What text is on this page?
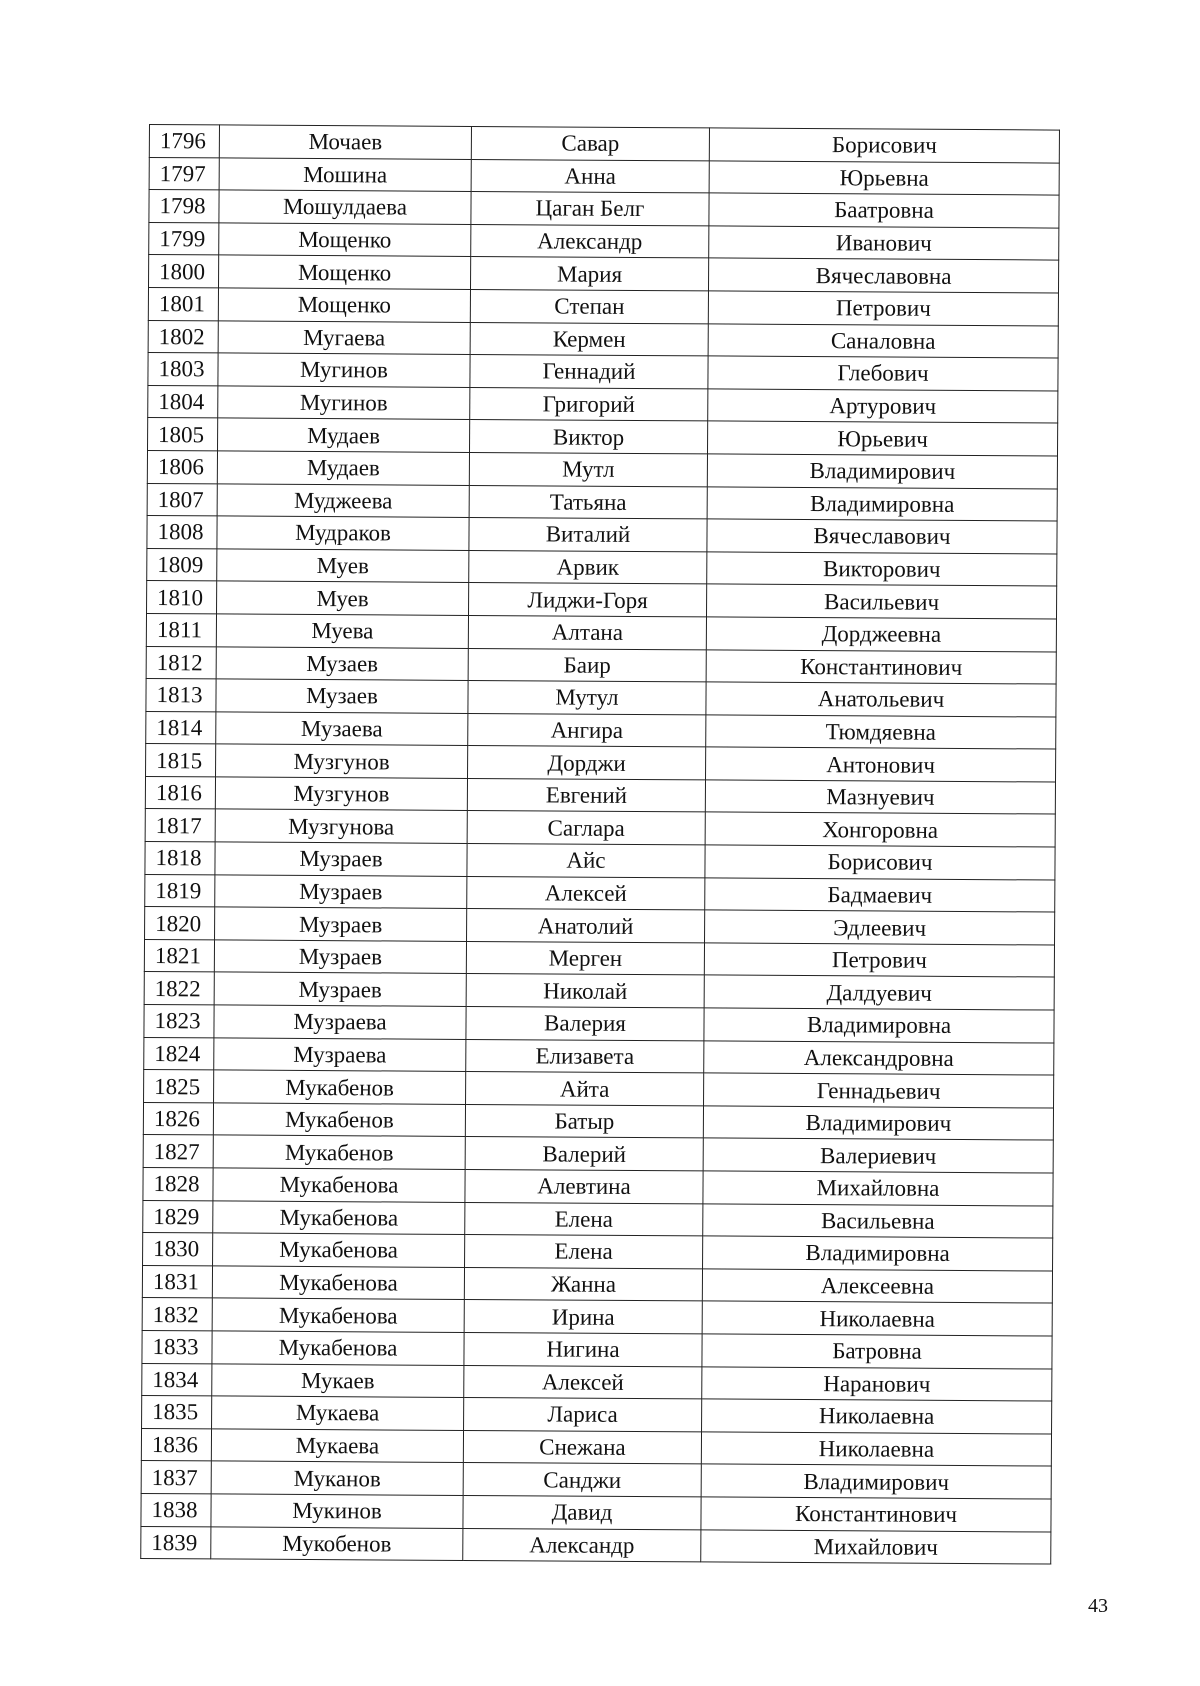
1796	Мочаев	Савар	Борисович
1797	Мошина	Анна	Юрьевна
1798	Мошулдаева	Цаган Белг	Баатровна
1799	Мощенко	Александр	Иванович
1800	Мощенко	Мария	Вячеславовна
1801	Мощенко	Степан	Петрович
1802	Мугаева	Кермен	Саналовна
1803	Мугинов	Геннадий	Глебович
1804	Мугинов	Григорий	Артурович
1805	Мудаев	Виктор	Юрьевич
1806	Мудаев	Мутл	Владимирович
1807	Муджеева	Татьяна	Владимировна
1808	Мудраков	Виталий	Вячеславович
1809	Муев	Арвик	Викторович
1810	Муев	Лиджи-Горя	Васильевич
1811	Муева	Алтана	Дорджеевна
1812	Музаев	Баир	Константинович
1813	Музаев	Мутул	Анатольевич
1814	Музаева	Ангира	Тюмдяевна
1815	Музгунов	Дорджи	Антонович
1816	Музгунов	Евгений	Мазнуевич
1817	Музгунова	Саглара	Хонгоровна
1818	Музраев	Айс	Борисович
1819	Музраев	Алексей	Бадмаевич
1820	Музраев	Анатолий	Эдлеевич
1821	Музраев	Мерген	Петрович
1822	Музраев	Николай	Далдуевич
1823	Музраева	Валерия	Владимировна
1824	Музраева	Елизавета	Александровна
1825	Мукабенов	Айта	Геннадьевич
1826	Мукабенов	Батыр	Владимирович
1827	Мукабенов	Валерий	Валериевич
1828	Мукабенова	Алевтина	Михайловна
1829	Мукабенова	Елена	Васильевна
1830	Мукабенова	Елена	Владимировна
1831	Мукабенова	Жанна	Алексеевна
1832	Мукабенова	Ирина	Николаевна
1833	Мукабенова	Нигина	Батровна
1834	Мукаев	Алексей	Наранович
1835	Мукаева	Лариса	Николаевна
1836	Мукаева	Снежана	Николаевна
1837	Муканов	Санджи	Владимирович
1838	Мукинов	Давид	Константинович
1839	Мукобенов	Александр	Михайлович
43
